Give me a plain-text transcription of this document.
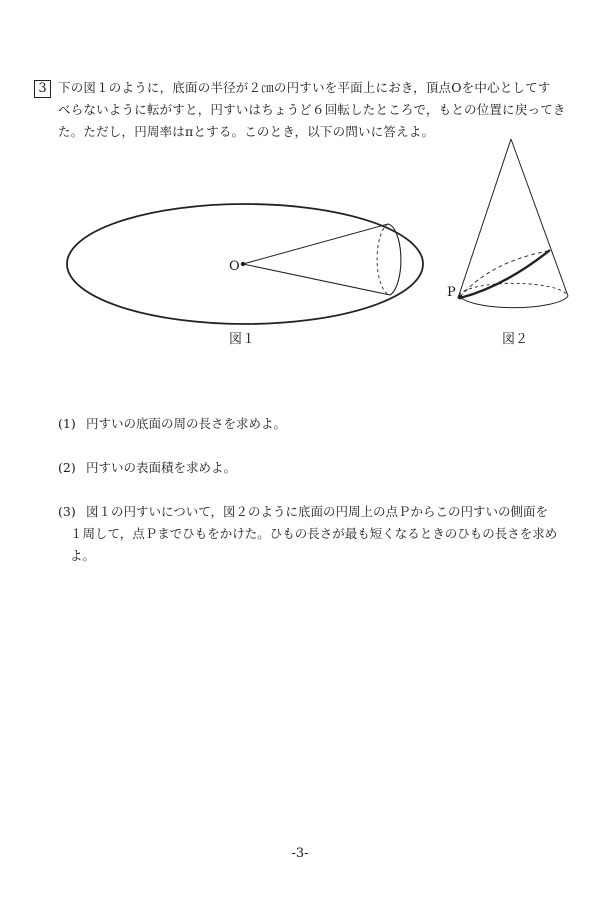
3 下の図１のように，底面の半径が２㎝の円すいを平面上におき，頂点Oを中心としてす
べらないように転がすと，円すいはちょうど６回転したところで，もとの位置に戻ってき
た。ただし，円周率はπとする。このとき，以下の問いに答えよ。
O
P
図１	図２
(1) 円すいの底面の周の長さを求めよ。
(2) 円すいの表面積を求めよ。
(3) 図１の円すいについて，図２のように底面の円周上の点Ｐからこの円すいの側面を
１周して，点Ｐまでひもをかけた。ひもの長さが最も短くなるときのひもの長さを求め
よ。
-3-
